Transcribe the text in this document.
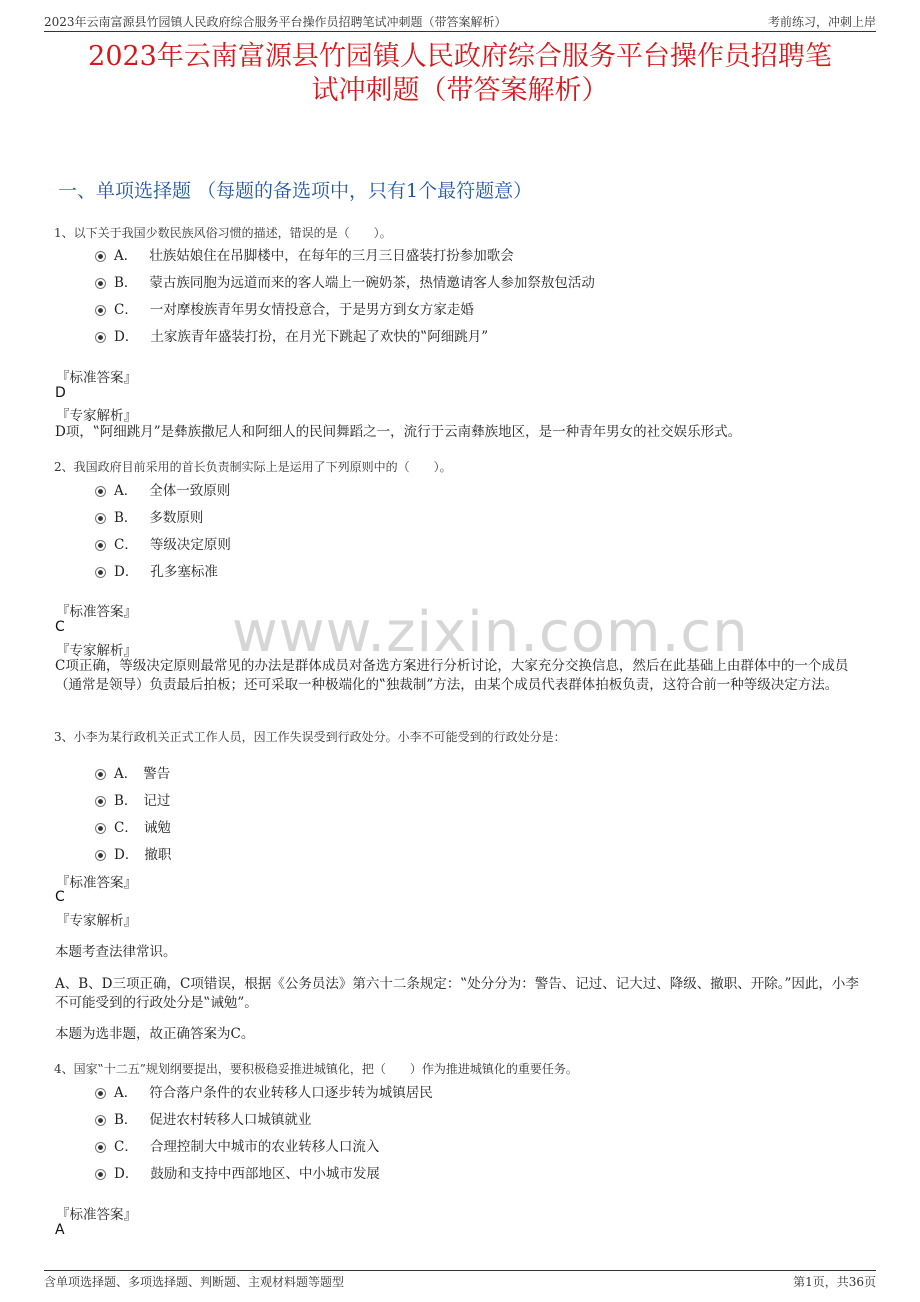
2023年云南富源县竹园镇人民政府综合服务平台操作员招聘笔试冲刺题（带答案解析）	考前练习，冲刺上岸
2023年云南富源县竹园镇人民政府综合服务平台操作员招聘笔
试冲刺题（带答案解析）
一、单项选择题 （每题的备选项中，只有1个最符题意）
1、以下关于我国少数民族风俗习惯的描述，错误的是（　　）。
A． 壮族姑娘住在吊脚楼中，在每年的三月三日盛装打扮参加歌会
B． 蒙古族同胞为远道而来的客人端上一碗奶茶，热情邀请客人参加祭敖包活动
C． 一对摩梭族青年男女情投意合，于是男方到女方家走婚
D． 土家族青年盛装打扮，在月光下跳起了欢快的‟阿细跳月”
『标准答案』
D
『专家解析』
D项，‟阿细跳月”是彝族撒尼人和阿细人的民间舞蹈之一，流行于云南彝族地区，是一种青年男女的社交娱乐形式。
2、我国政府目前采用的首长负责制实际上是运用了下列原则中的（　　）。
A． 全体一致原则
B． 多数原则
C． 等级决定原则
D． 孔多塞标准
『标准答案』
C
『专家解析』
C项正确，等级决定原则最常见的办法是群体成员对备选方案进行分析讨论，大家充分交换信息，然后在此基础上由群体中的一个成员（通常是领导）负责最后拍板；还可采取一种极端化的‟独裁制”方法，由某个成员代表群体拍板负责，这符合前一种等级决定方法。
3、小李为某行政机关正式工作人员，因工作失误受到行政处分。小李不可能受到的行政处分是：
A． 警告
B． 记过
C． 诫勉
D． 撤职
『标准答案』
C
『专家解析』
本题考查法律常识。
A、B、D三项正确，C项错误，根据《公务员法》第六十二条规定：‟处分分为：警告、记过、记大过、降级、撤职、开除。”因此，小李不可能受到的行政处分是‟诫勉”。
本题为选非题，故正确答案为C。
4、国家‟十二五”规划纲要提出，要积极稳妥推进城镇化，把（　　）作为推进城镇化的重要任务。
A． 符合落户条件的农业转移人口逐步转为城镇居民
B． 促进农村转移人口城镇就业
C． 合理控制大中城市的农业转移人口流入
D． 鼓励和支持中西部地区、中小城市发展
『标准答案』
A
www.zixin.com.cn
含单项选择题、多项选择题、判断题、主观材料题等题型	第1页，共36页
